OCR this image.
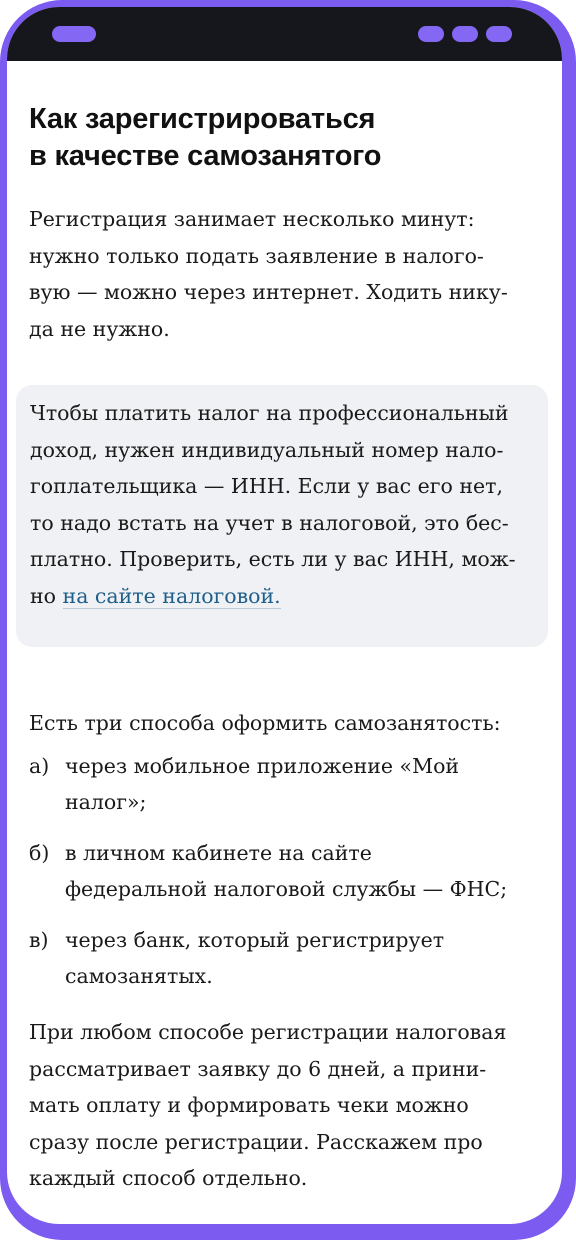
Как зарегистрироваться
в качестве самозанятого

Регистрация занимает несколько минут:
нужно только подать заявление в налого-
вую — можно через интернет. Ходить нику-
да не нужно.

Чтобы платить налог на профессиональный
доход, нужен индивидуальный номер нало-
гоплательщика — ИНН. Если у вас его нет,
то надо встать на учет в налоговой, это бес-
платно. Проверить, есть ли у вас ИНН, мож-
но на сайте налоговой.

Есть три способа оформить самозанятость:

а) через мобильное приложение «Мой
налог»;
б) в личном кабинете на сайте
федеральной налоговой службы — ФНС;
в) через банк, который регистрирует
самозанятых.

При любом способе регистрации налоговая
рассматривает заявку до 6 дней, а прини-
мать оплату и формировать чеки можно
сразу после регистрации. Расскажем про
каждый способ отдельно.
